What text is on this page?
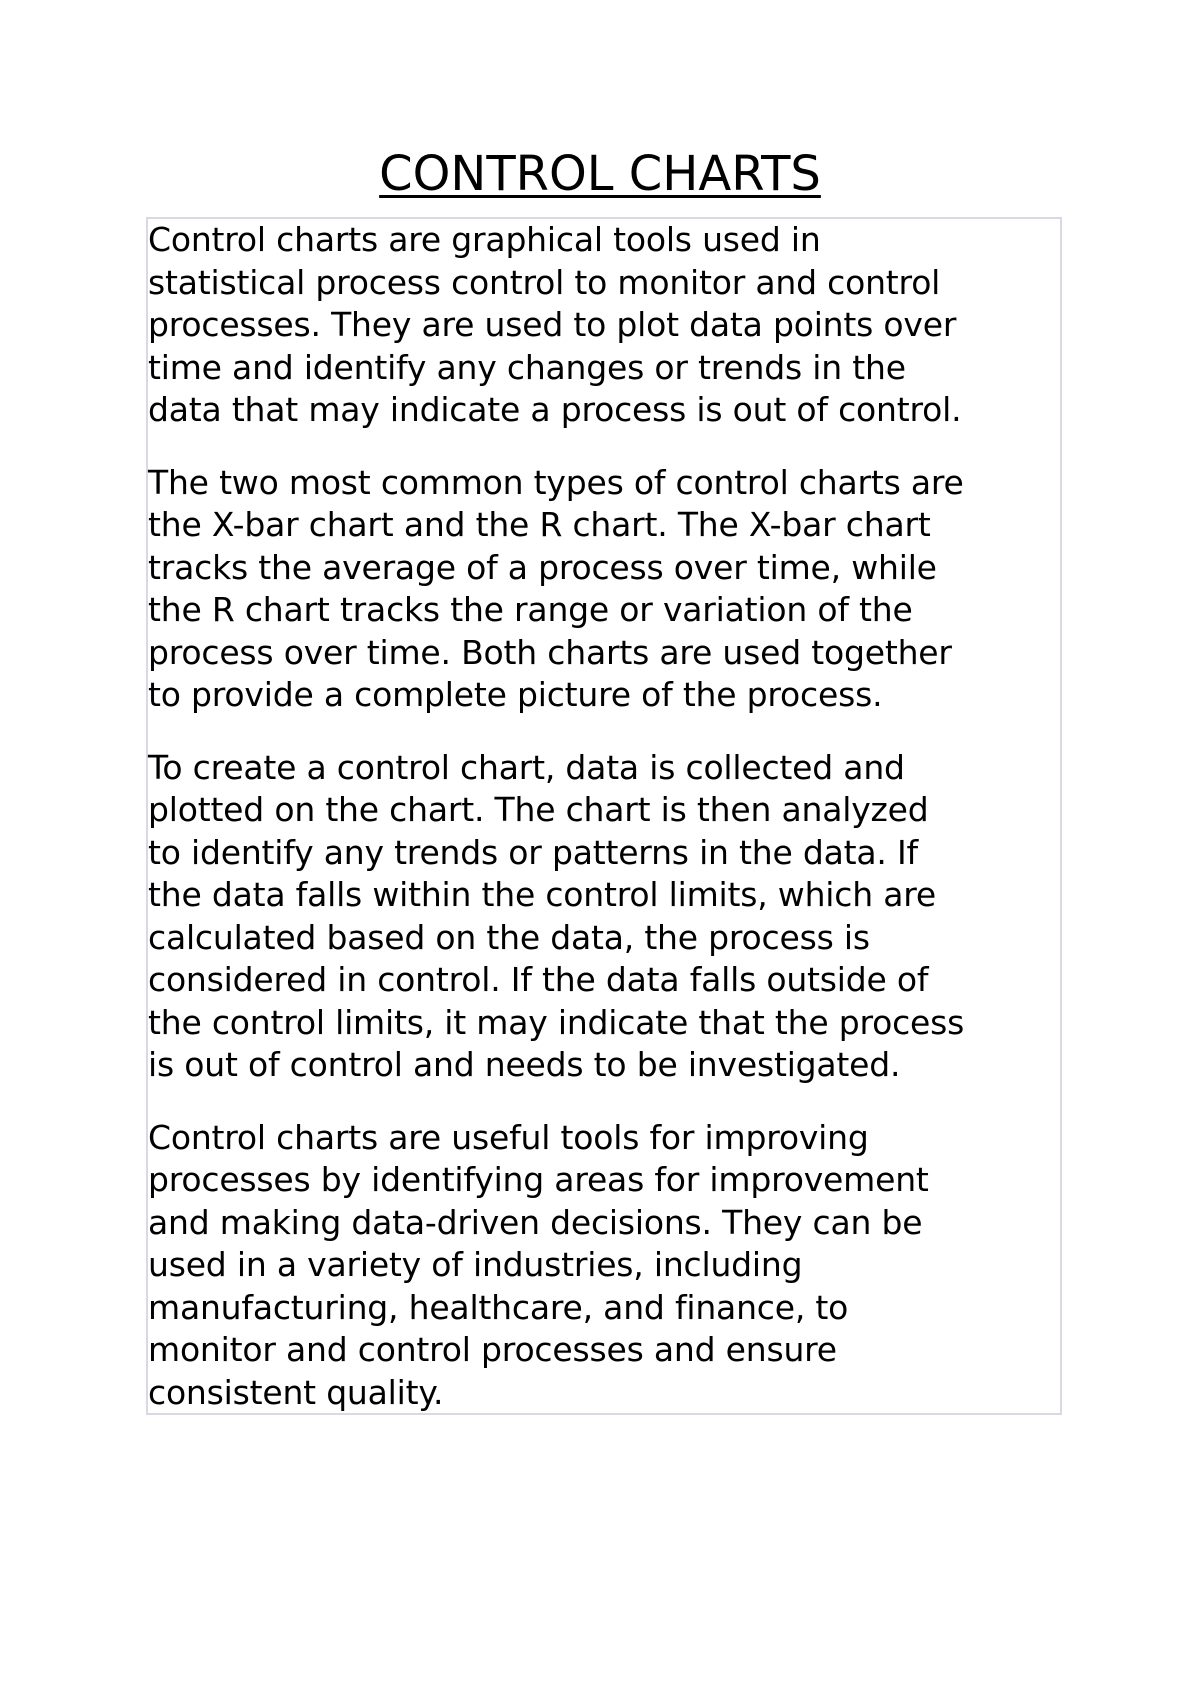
CONTROL CHARTS

Control charts are graphical tools used in
statistical process control to monitor and control
processes. They are used to plot data points over
time and identify any changes or trends in the
data that may indicate a process is out of control.

The two most common types of control charts are
the X-bar chart and the R chart. The X-bar chart
tracks the average of a process over time, while
the R chart tracks the range or variation of the
process over time. Both charts are used together
to provide a complete picture of the process.

To create a control chart, data is collected and
plotted on the chart. The chart is then analyzed
to identify any trends or patterns in the data. If
the data falls within the control limits, which are
calculated based on the data, the process is
considered in control. If the data falls outside of
the control limits, it may indicate that the process
is out of control and needs to be investigated.

Control charts are useful tools for improving
processes by identifying areas for improvement
and making data-driven decisions. They can be
used in a variety of industries, including
manufacturing, healthcare, and finance, to
monitor and control processes and ensure
consistent quality.
